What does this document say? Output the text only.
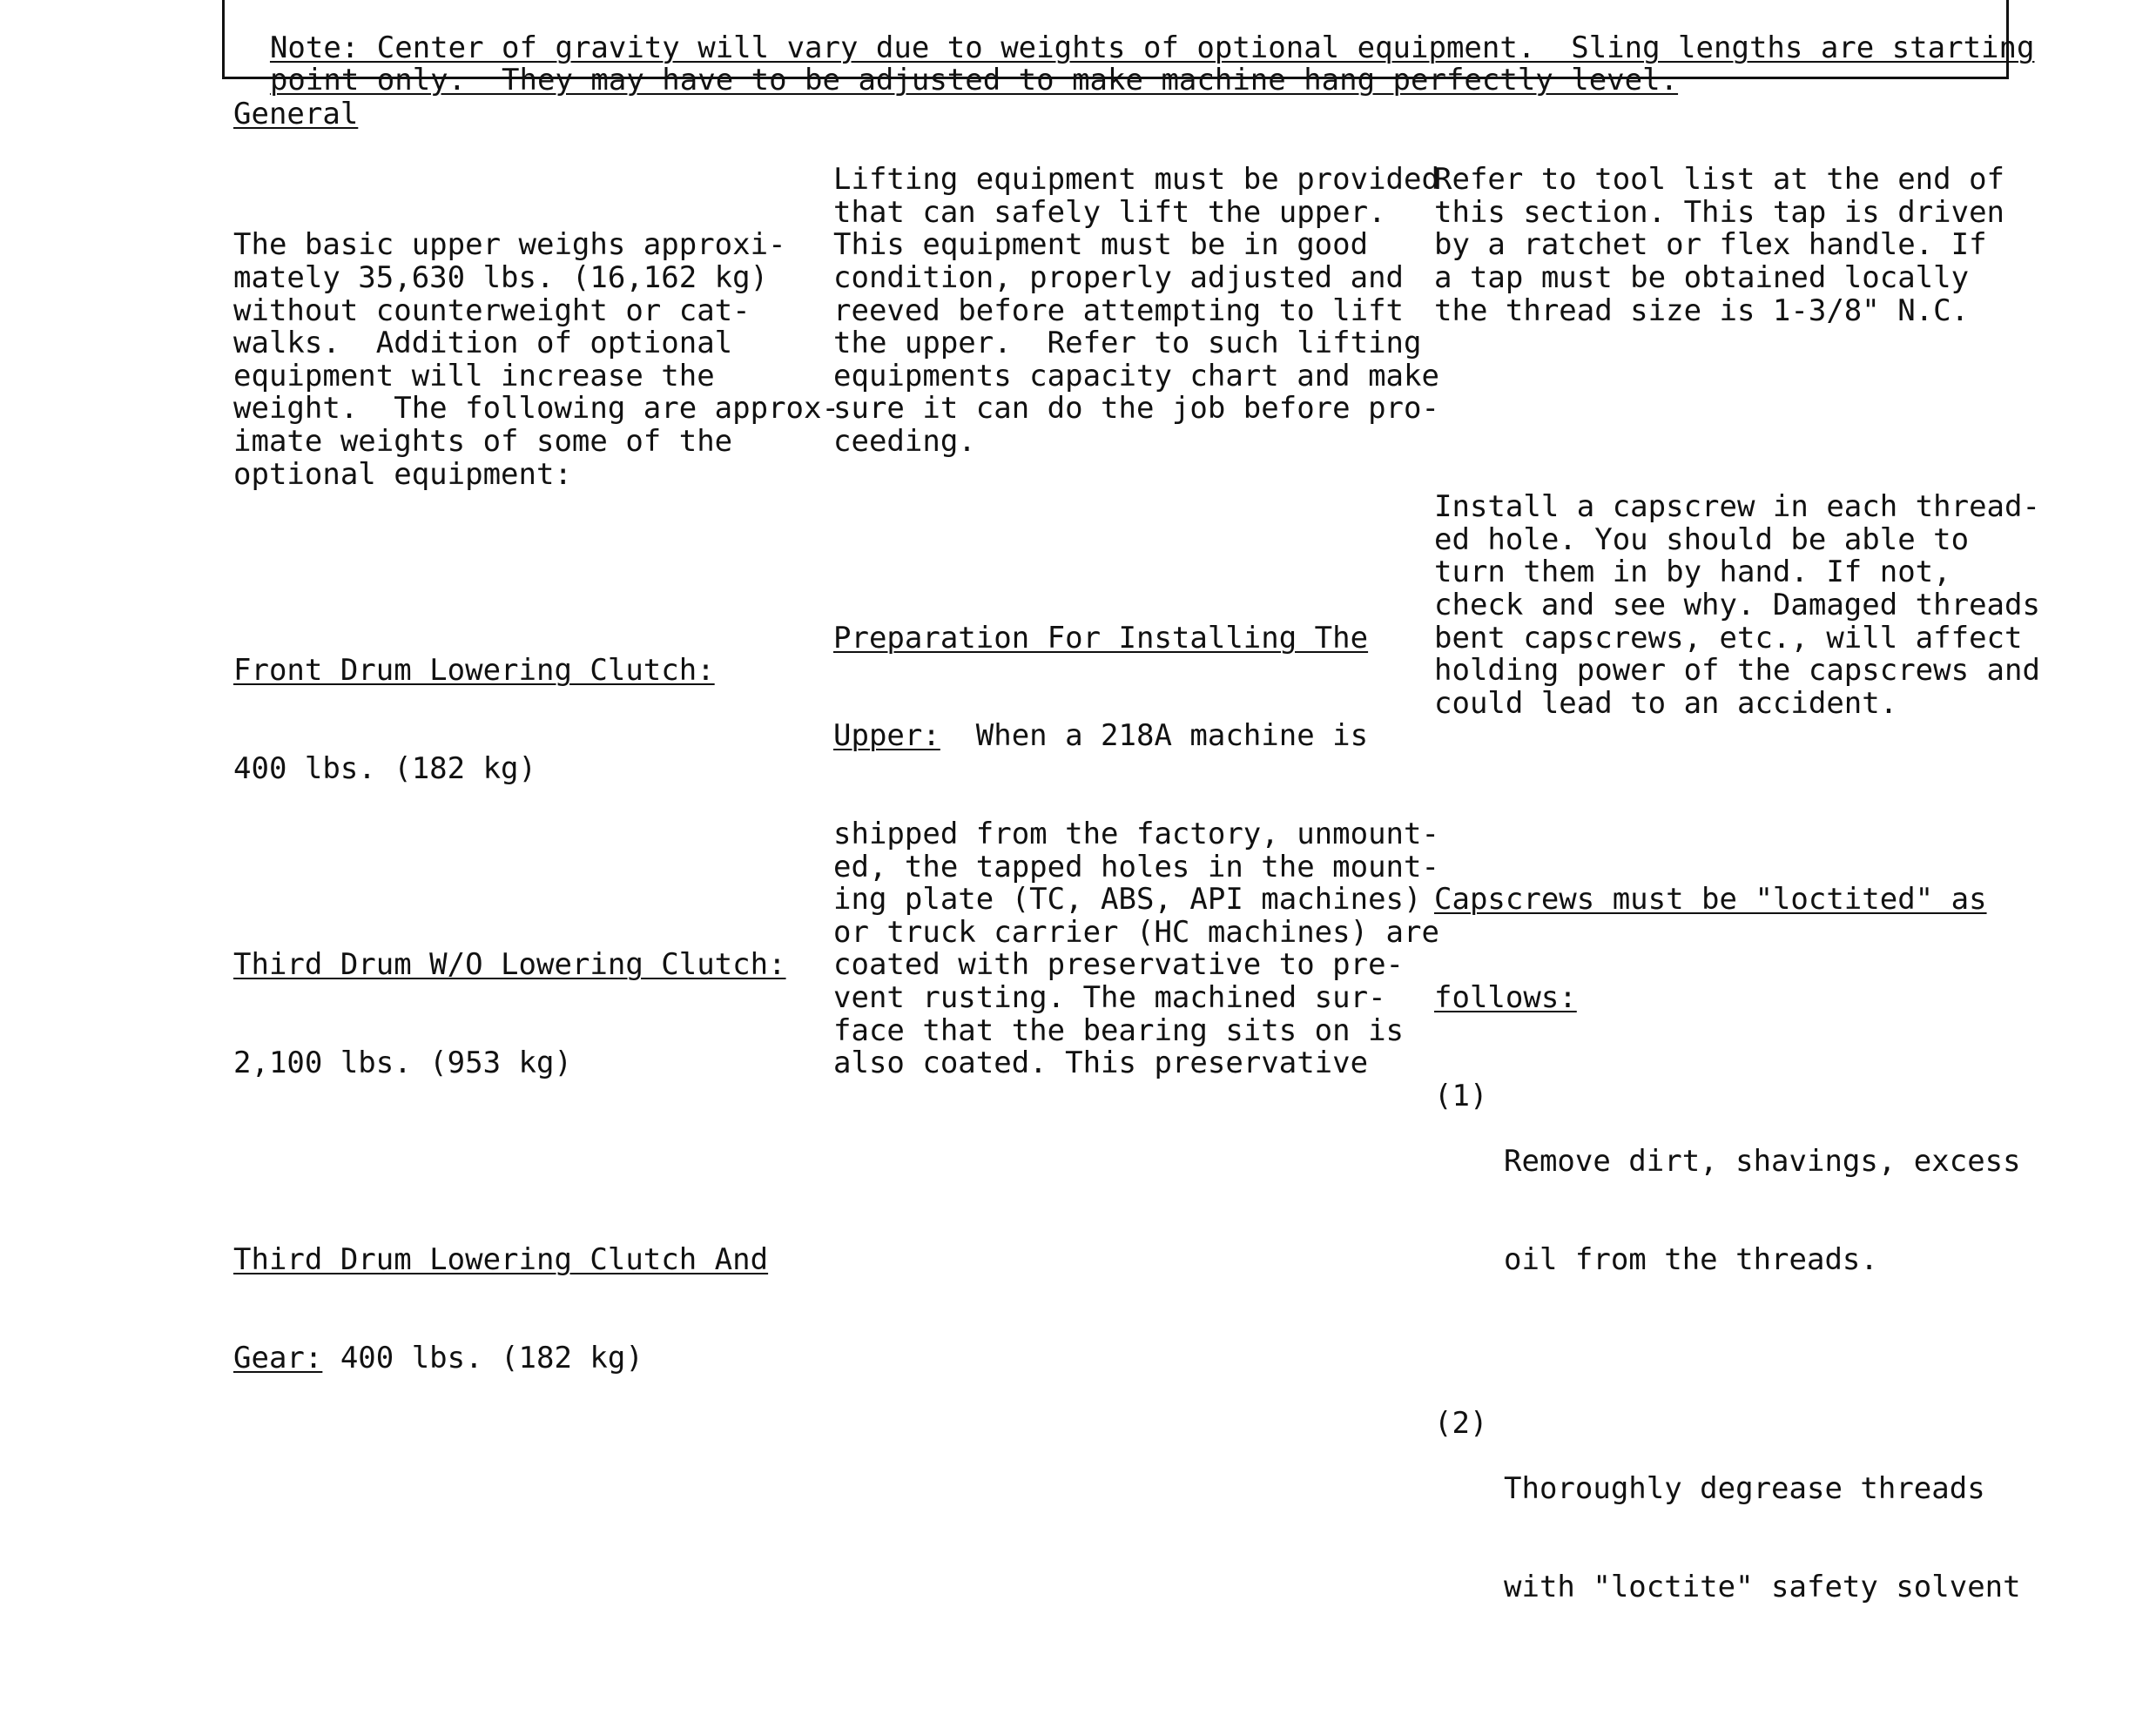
Note: Center of gravity will vary due to weights of optional equipment.  Sling lengths are starting

point only.  They may have to be adjusted to make machine hang perfectly level.

General

The basic upper weighs approxi-
mately 35,630 lbs. (16,162 kg)
without counterweight or cat-
walks.  Addition of optional
equipment will increase the
weight.  The following are approx-
imate weights of some of the
optional equipment:

Front Drum Lowering Clutch:

400 lbs. (182 kg)

Third Drum W/O Lowering Clutch:

2,100 lbs. (953 kg)

Third Drum Lowering Clutch And

Gear: 400 lbs. (182 kg)

Lifting equipment must be provided
that can safely lift the upper.
This equipment must be in good
condition, properly adjusted and
reeved before attempting to lift
the upper.  Refer to such lifting
equipments capacity chart and make
sure it can do the job before pro-
ceeding.

Preparation For Installing The

Upper:  When a 218A machine is

shipped from the factory, unmount-
ed, the tapped holes in the mount-
ing plate (TC, ABS, API machines)
or truck carrier (HC machines) are
coated with preservative to pre-
vent rusting. The machined sur-
face that the bearing sits on is
also coated. This preservative

Refer to tool list at the end of
this section. This tap is driven
by a ratchet or flex handle. If
a tap must be obtained locally
the thread size is 1-3/8" N.C.

Install a capscrew in each thread-
ed hole. You should be able to
turn them in by hand. If not,
check and see why. Damaged threads
bent capscrews, etc., will affect
holding power of the capscrews and
could lead to an accident.

Capscrews must be "loctited" as

follows:

(1)

Remove dirt, shavings, excess

oil from the threads.

(2)

Thoroughly degrease threads

with "loctite" safety solvent
